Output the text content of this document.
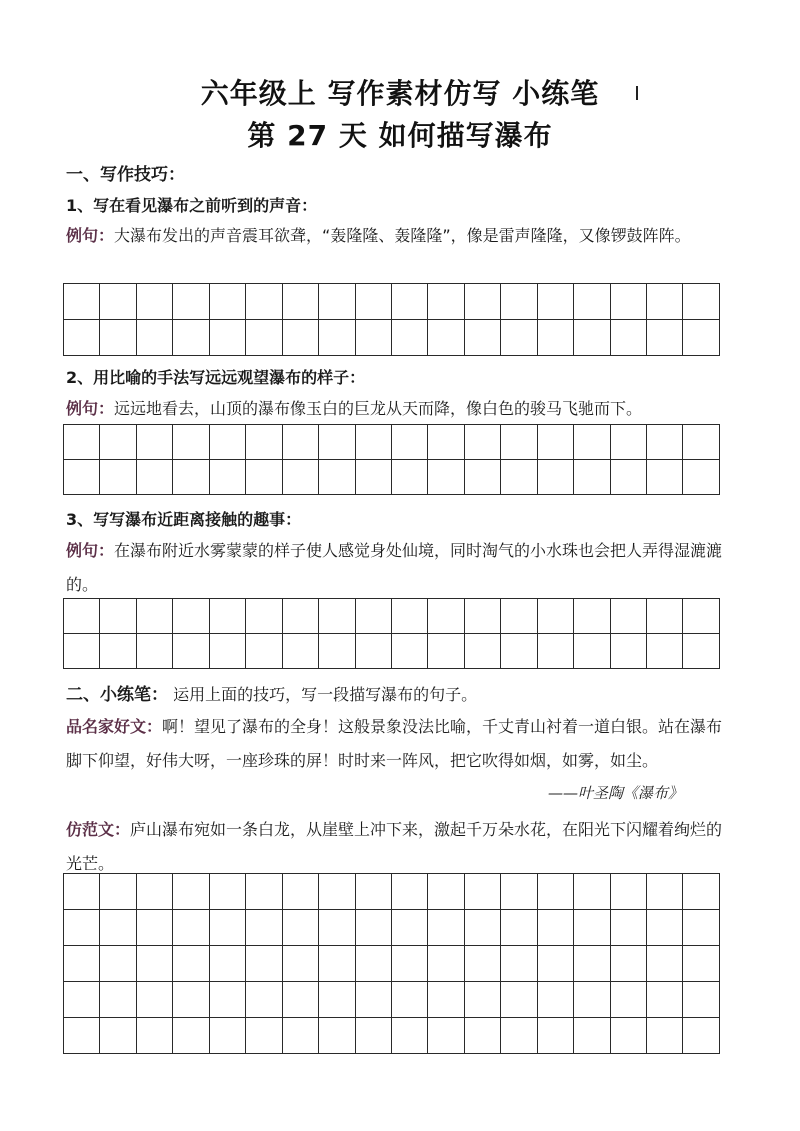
六年级上 写作素材仿写 小练笔
第 27 天 如何描写瀑布
一、写作技巧：
1、写在看见瀑布之前听到的声音：
例句：大瀑布发出的声音震耳欲聋，“轰隆隆、轰隆隆”，像是雷声隆隆，又像锣鼓阵阵。

2、用比喻的手法写远远观望瀑布的样子：
例句：远远地看去，山顶的瀑布像玉白的巨龙从天而降，像白色的骏马飞驰而下。

3、写写瀑布近距离接触的趣事：
例句：在瀑布附近水雾蒙蒙的样子使人感觉身处仙境，同时淘气的小水珠也会把人弄得湿漉漉的。

二、小练笔： 运用上面的技巧，写一段描写瀑布的句子。
品名家好文：啊！望见了瀑布的全身！这般景象没法比喻，千丈青山衬着一道白银。站在瀑布脚下仰望，好伟大呀，一座珍珠的屏！时时来一阵风，把它吹得如烟，如雾，如尘。
——叶圣陶《瀑布》
仿范文：庐山瀑布宛如一条白龙，从崖壁上冲下来，激起千万朵水花，在阳光下闪耀着绚烂的光芒。
